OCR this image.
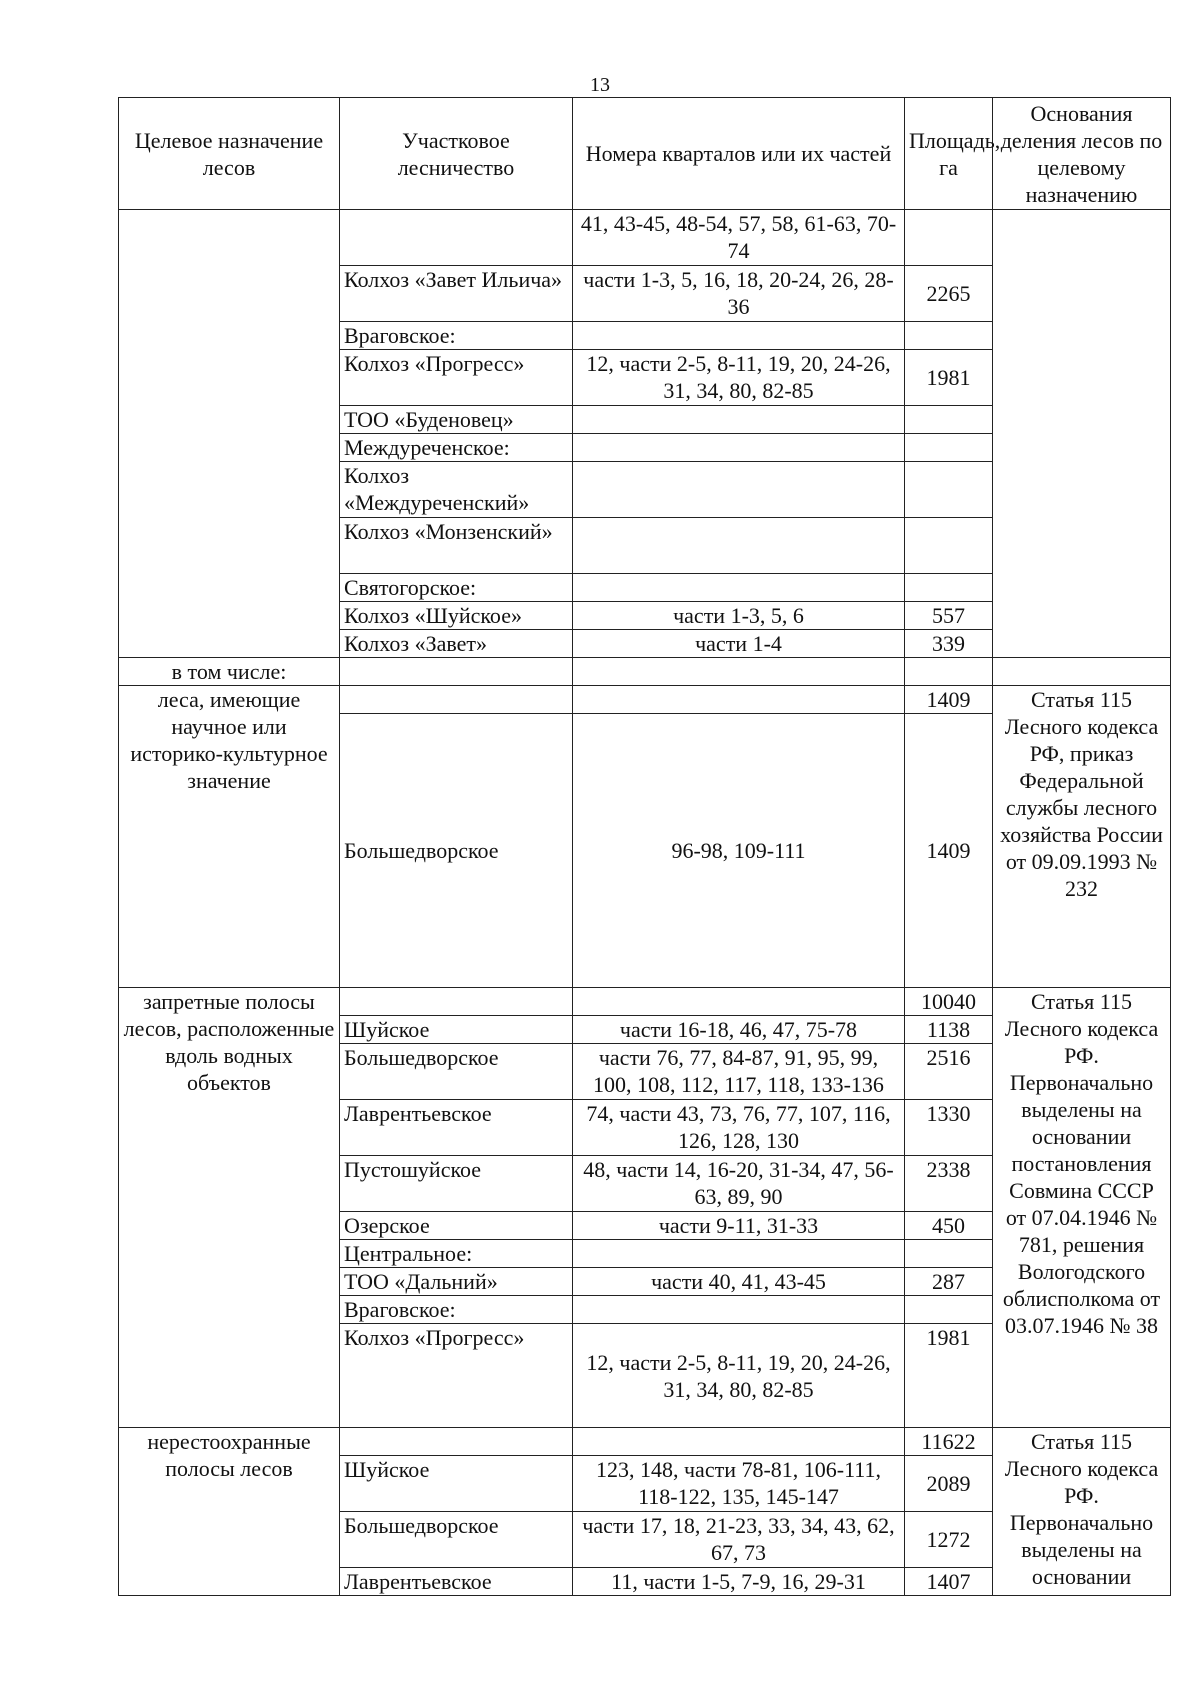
13
Целевое назначение лесов	Участковое лесничество	Номера кварталов или их частей	Площадь, га	Основания деления лесов по целевому назначению
		41, 43-45, 48-54, 57, 58, 61-63, 70-74		
	Колхоз «Завет Ильича»	части 1-3, 5, 16, 18, 20-24, 26, 28-36	2265	
	Враговское:			
	Колхоз «Прогресс»	12, части 2-5, 8-11, 19, 20, 24-26, 31, 34, 80, 82-85	1981	
	ТОО «Буденовец»			
	Междуреченское:			
	Колхоз «Междуреченский»			
	Колхоз «Монзенский»			
	Святогорское:			
	Колхоз «Шуйское»	части 1-3, 5, 6	557	
	Колхоз «Завет»	части 1-4	339	
в том числе:				
леса, имеющие научное или историко-культурное значение			1409	Статья 115 Лесного кодекса РФ, приказ Федеральной службы лесного хозяйства России от 09.09.1993 № 232
	Большедворское	96-98, 109-111	1409	
запретные полосы лесов, расположенные вдоль водных объектов			10040	Статья 115 Лесного кодекса РФ. Первоначально выделены на основании постановления Совмина СССР от 07.04.1946 № 781, решения Вологодского облисполкома от 03.07.1946 № 38
	Шуйское	части 16-18, 46, 47, 75-78	1138	
	Большедворское	части 76, 77, 84-87, 91, 95, 99, 100, 108, 112, 117, 118, 133-136	2516	
	Лаврентьевское	74, части 43, 73, 76, 77, 107, 116, 126, 128, 130	1330	
	Пустошуйское	48, части 14, 16-20, 31-34, 47, 56-63, 89, 90	2338	
	Озерское	части 9-11, 31-33	450	
	Центральное:			
	ТОО «Дальний»	части 40, 41, 43-45	287	
	Враговское:			
	Колхоз «Прогресс»	12, части 2-5, 8-11, 19, 20, 24-26, 31, 34, 80, 82-85	1981	
нерестоохранные полосы лесов			11622	Статья 115 Лесного кодекса РФ. Первоначально выделены на основании
	Шуйское	123, 148, части 78-81, 106-111, 118-122, 135, 145-147	2089	
	Большедворское	части 17, 18, 21-23, 33, 34, 43, 62, 67, 73	1272	
	Лаврентьевское	11, части 1-5, 7-9, 16, 29-31	1407	
